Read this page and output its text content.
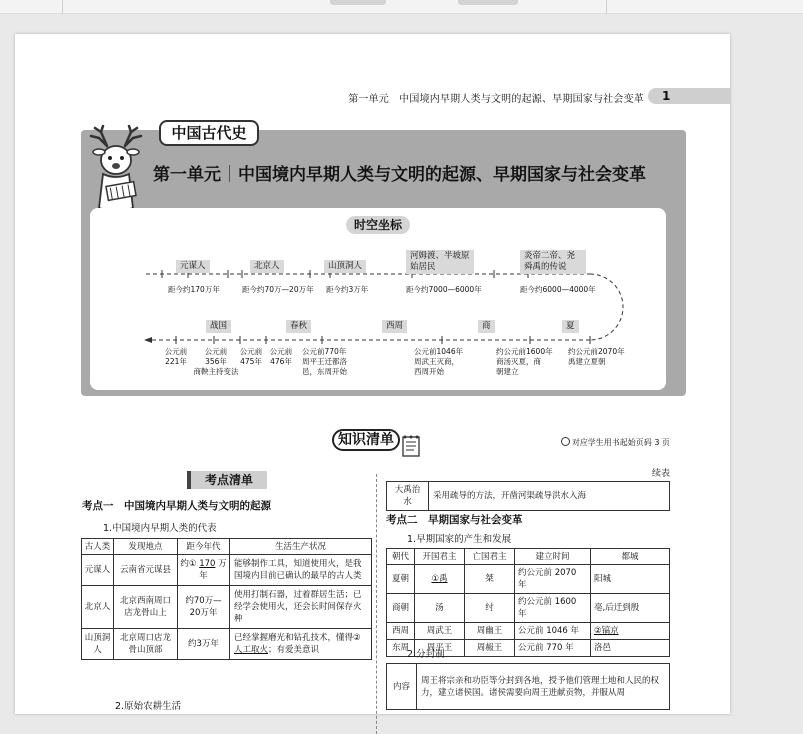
第一单元　中国境内早期人类与文明的起源、早期国家与社会变革	1
中国古代史
第一单元 中国境内早期人类与文明的起源、早期国家与社会变革
时空坐标
元谋人	北京人	山顶洞人
河姆渡、半坡原始居民
炎帝二帝、尧舜禹的传说
距今约170万年	距今约70万—20万年 距今约3万年	距今约7000—6000年	距今约6000—4000年
战国	春秋	西周	商	夏
公元前
221年
公元前
356年
商鞅主持变法
公元前
475年
公元前
476年
公元前770年
周平王迁都洛
邑，东周开始
公元前1046年
周武王灭商，
西周开始
约公元前1600年
商汤灭夏，商
朝建立
约公元前2070年
禹建立夏朝
知识清单	对应学生用书起始页码 3 页
考点清单	续表
考点一　中国境内早期人类与文明的起源
1.中国境内早期人类的代表
古人类	发现地点	距今年代	生活生产状况
元谋人	云南省元谋县	约① 170 万年	能够制作工具，知道使用火，是我国境内目前已确认的最早的古人类
北京人	北京西南周口店龙骨山上	约70万—20万年	使用打制石器，过着群居生活；已经学会使用火，还会长时间保存火种
山顶洞人	北京周口店龙骨山顶部	约3万年	已经掌握磨光和钻孔技术，懂得②人工取火；有爱美意识
2.原始农耕生活
大禹治水	采用疏导的方法，开凿河渠疏导洪水入海
考点二　早期国家与社会变革
1.早期国家的产生和发展
朝代	开国君主	亡国君主	建立时间	都城
夏朝	①禹	桀	约公元前 2070 年	阳城
商朝	汤	纣	约公元前 1600 年	亳,后迁到殷
西周	周武王	周幽王	公元前 1046 年	②镐京
东周	周平王	周赧王	公元前 770 年	洛邑
2.分封制
内容	周王将宗亲和功臣等分封到各地，授予他们管理土地和人民的权力，建立诸侯国。诸侯需要向周王进献贡物，并服从周
